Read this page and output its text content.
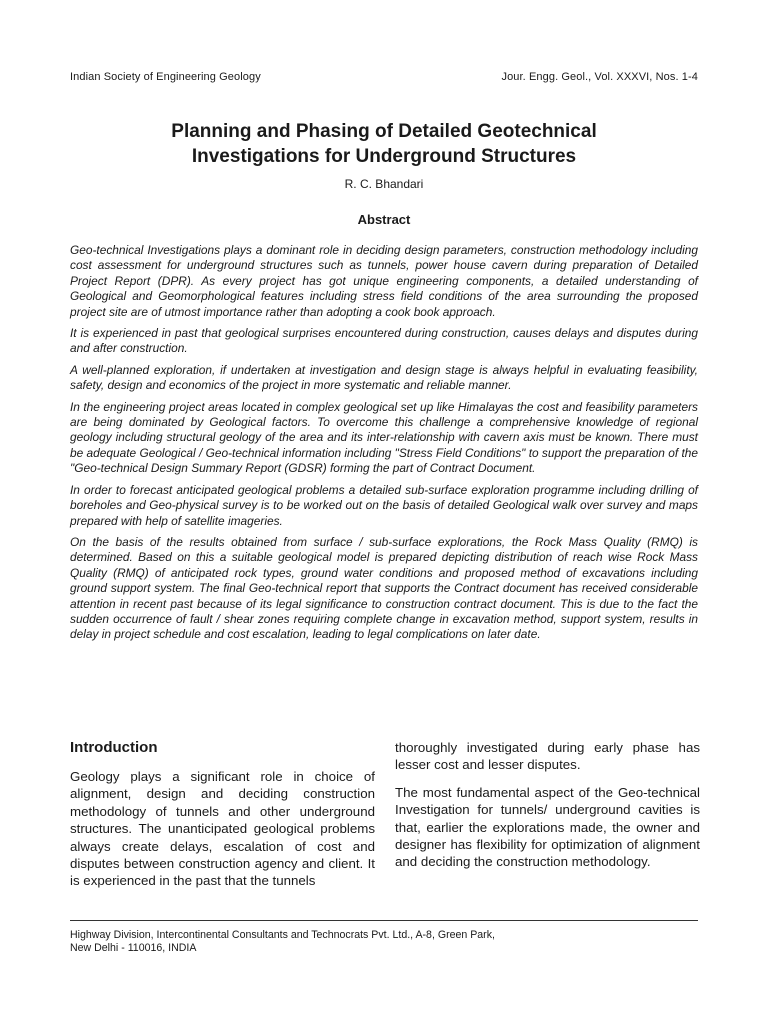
Indian Society of Engineering Geology	Jour. Engg. Geol., Vol. XXXVI, Nos. 1-4
Planning and Phasing of Detailed Geotechnical
Investigations for Underground Structures
R. C. Bhandari
Abstract

Geo-technical Investigations plays a dominant role in deciding design parameters, construction methodology including cost assessment for underground structures such as tunnels, power house cavern during preparation of Detailed Project Report (DPR). As every project has got unique engineering components, a detailed understanding of Geological and Geomorphological features including stress field conditions of the area surrounding the proposed project site are of utmost importance rather than adopting a cook book approach.

It is experienced in past that geological surprises encountered during construction, causes delays and disputes during and after construction.

A well-planned exploration, if undertaken at investigation and design stage is always helpful in evaluating feasibility, safety, design and economics of the project in more systematic and reliable manner.

In the engineering project areas located in complex geological set up like Himalayas the cost and feasibility parameters are being dominated by Geological factors. To overcome this challenge a comprehensive knowledge of regional geology including structural geology of the area and its inter-relationship with cavern axis must be known. There must be adequate Geological / Geo-technical information including "Stress Field Conditions" to support the preparation of the "Geo-technical Design Summary Report (GDSR) forming the part of Contract Document.

In order to forecast anticipated geological problems a detailed sub-surface exploration programme including drilling of boreholes and Geo-physical survey is to be worked out on the basis of detailed Geological walk over survey and maps prepared with help of satellite imageries.

On the basis of the results obtained from surface / sub-surface explorations, the Rock Mass Quality (RMQ) is determined. Based on this a suitable geological model is prepared depicting distribution of reach wise Rock Mass Quality (RMQ) of anticipated rock types, ground water conditions and proposed method of excavations including ground support system. The final Geo-technical report that supports the Contract document has received considerable attention in recent past because of its legal significance to construction contract document. This is due to the fact the sudden occurrence of fault / shear zones requiring complete change in excavation method, support system, results in delay in project schedule and cost escalation, leading to legal complications on later date.

Introduction

Geology plays a significant role in choice of alignment, design and deciding construction methodology of tunnels and other underground structures. The unanticipated geological problems always create delays, escalation of cost and disputes between construction agency and client. It is experienced in the past that the tunnels

thoroughly investigated during early phase has lesser cost and lesser disputes.

The most fundamental aspect of the Geo-technical Investigation for tunnels/ underground cavities is that, earlier the explorations made, the owner and designer has flexibility for optimization of alignment and deciding the construction methodology.

Highway Division, Intercontinental Consultants and Technocrats Pvt. Ltd., A-8, Green Park,
New Delhi - 110016, INDIA
